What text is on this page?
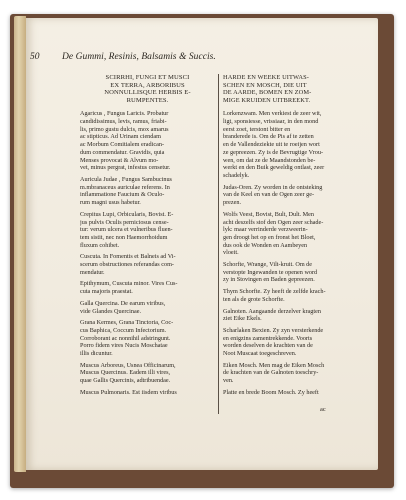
50 De Gummi, Resinis, Balsamis & Succis.
SCIRRHI, FUNGI ET MUSCI
EX TERRA, ARBORIBUS
NONNULLISQUE HERBIS E-
RUMPENTES.
Agaricus , Fungus Laricis. Probatur
candidissimus, levis, ramus, friabi-
lis, primo gustu dulcis, mox amarus
ac stipticus. Ad Urinam ciendam
ac Morbum Comitialem eradican-
dum commendatur. Gravidis, quia
Menses provocat & Alvum mo-
vet, minus pergrat, infestus censetur.
Auricula Judae , Fungus Sambucinus
m.mbranaceus auriculae referens. In
inflammatione Faucium & Oculo-
rum magni usus habetur.
Crepitus Lupi, Orbicularis, Bovist. E-
jus pulvis Oculis perniciosus cense-
tur: verum ulcera et vulneribus fluen-
tem sistit, nec non Haemorrhoidum
fluxum cohibet.
Cuscuta. In Fomentis et Balneis ad Vi-
scerum obstructiones referandas com-
mendatur.
Epithymum, Cuscuta minor. Vires Cus-
cuta majoris praestat.
Galla Quercina. De earum viribus,
vide Glandes Quercinae.
Grana Kermes, Grana Tinctoria, Coc-
cus Baphica, Coccum Infectorium.
Corroborant ac nonnihil adstringunt.
Porro fidem vires Nucis Moschatae
illis dicuntur.
Muscus Arboreus, Usnea Officinarum,
Muscus Quercinus. Eadem illi vires,
quae Gallis Quercinis, adtribuendae.
Muscus Pulmonaris. Est iisdem viribus
HARDE EN WEEKE UITWAS-
SCHEN EN MOSCH, DIE UIT
DE AARDE, BOMEN EN ZOM-
MIGE KRUIDEN UITBREEKT.
Lorkenzwam. Men verkiest de zeer wit,
ligt, sponsiesse, vrissiaar, in den mond
eerst zoet, terstont bitter en
branderede is. Om de Pis af te zetten
en de Vallendeziekte uit te roeijen wort
ze gepreezen. Zy is de Bevrugtige Vrou-
wen, om dat ze de Maandstonden be-
werkt en den Buik geweldig ontlast, zeer
schadelyk.
Judas-Oren. Zy worden in de ontsteking
van de Keel en van de Ogen zeer ge-
prezen.
Wolfs Veest, Bovist, Bult, Dult. Men
acht deszelfs stof den Ogen zeer schade-
lyk: maar verrinderde verzweerin-
gen droogt het op en fronst het Bloet,
dus ook de Wonden en Aambeyen
vloeit.
Schorfte, Wrange, Vilt-kruit. Om de
verstopte Ingewanden te openen word
zy in Stovingen en Baden gepreezen.
Thym Schorfte. Zy heeft de zelfde krach-
ten als de grote Schorfte.
Galnoten. Aangaande derzelver kragten
ziet Eike Ekels.
Scharlaken Bexien. Zy zyn versterkende
en enigzins zamentrekkende. Voorts
worden deselven de krachten van de
Noot Muscaat toegeschreven.
Eiken Mosch. Men mag de Eiken Mosch
de krachten van de Galnoten toeschry-
ven.
Platte en brede Boom Mosch. Zy heeft
ac
